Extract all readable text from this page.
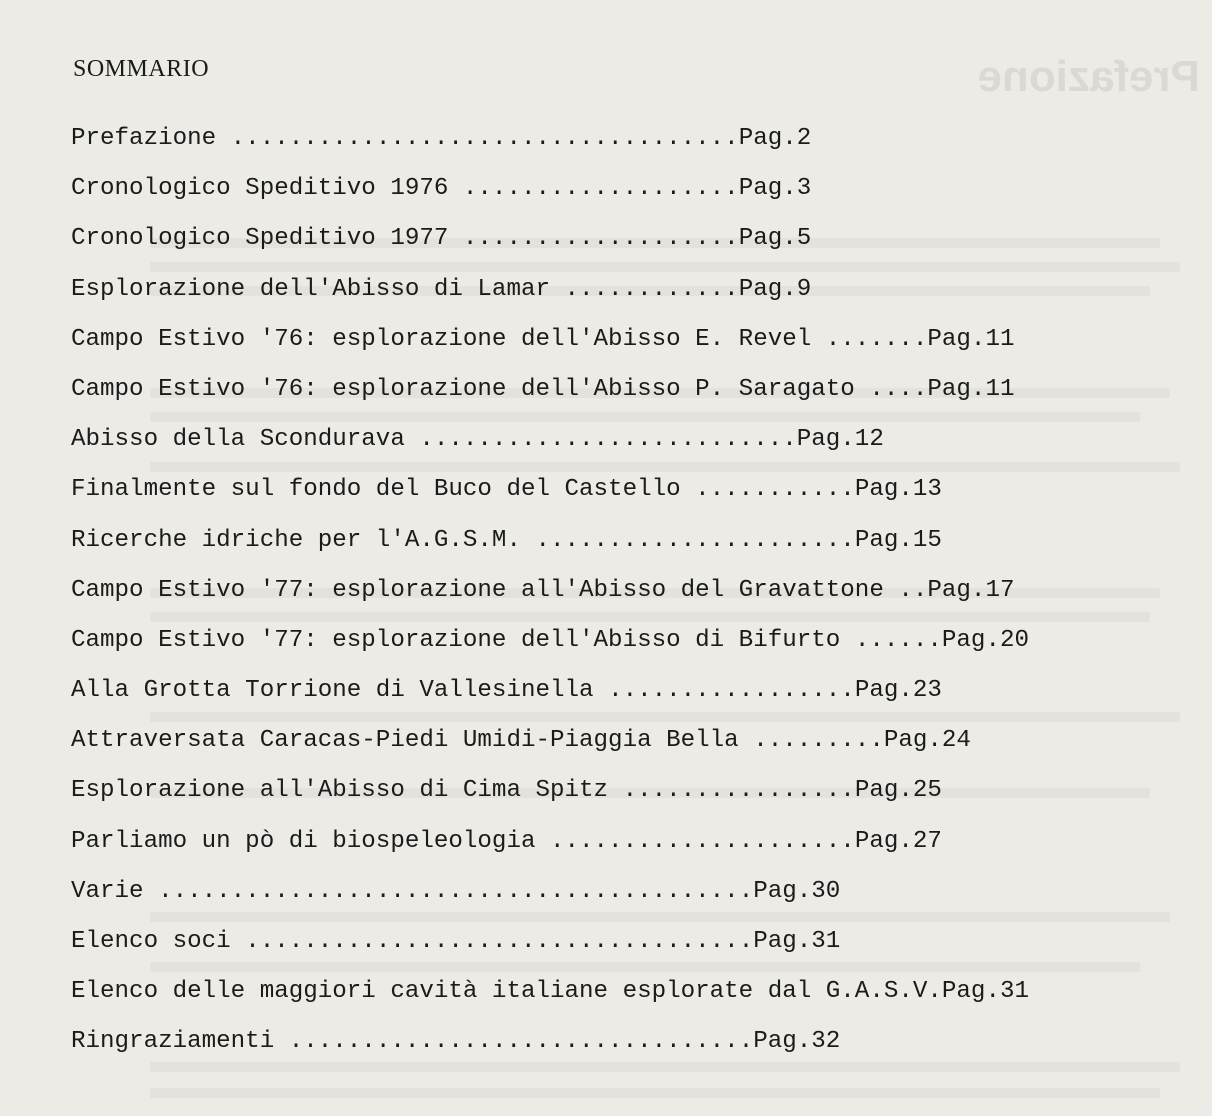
Prefazione
SOMMARIO
Prefazione ................................... Pag.2
Cronologico Speditivo 1976 ................... Pag.3
Cronologico Speditivo 1977 ................... Pag.5
Esplorazione dell'Abisso di Lamar ............ Pag.9
Campo Estivo '76: esplorazione dell'Abisso E. Revel ....... Pag.11
Campo Estivo '76: esplorazione dell'Abisso P. Saragato .... Pag.11
Abisso della Scondurava .......................... Pag.12
Finalmente sul fondo del Buco del Castello ........... Pag.13
Ricerche idriche per l'A.G.S.M. ...................... Pag.15
Campo Estivo '77: esplorazione all'Abisso del Gravattone .. Pag.17
Campo Estivo '77: esplorazione dell'Abisso di Bifurto ...... Pag.20
Alla Grotta Torrione di Vallesinella ................. Pag.23
Attraversata Caracas-Piedi Umidi-Piaggia Bella ......... Pag.24
Esplorazione all'Abisso di Cima Spitz ................ Pag.25
Parliamo un pò di biospeleologia ..................... Pag.27
Varie ......................................... Pag.30
Elenco soci ................................... Pag.31
Elenco delle maggiori cavità italiane esplorate dal G.A.S.V. Pag.31
Ringraziamenti ................................ Pag.32
